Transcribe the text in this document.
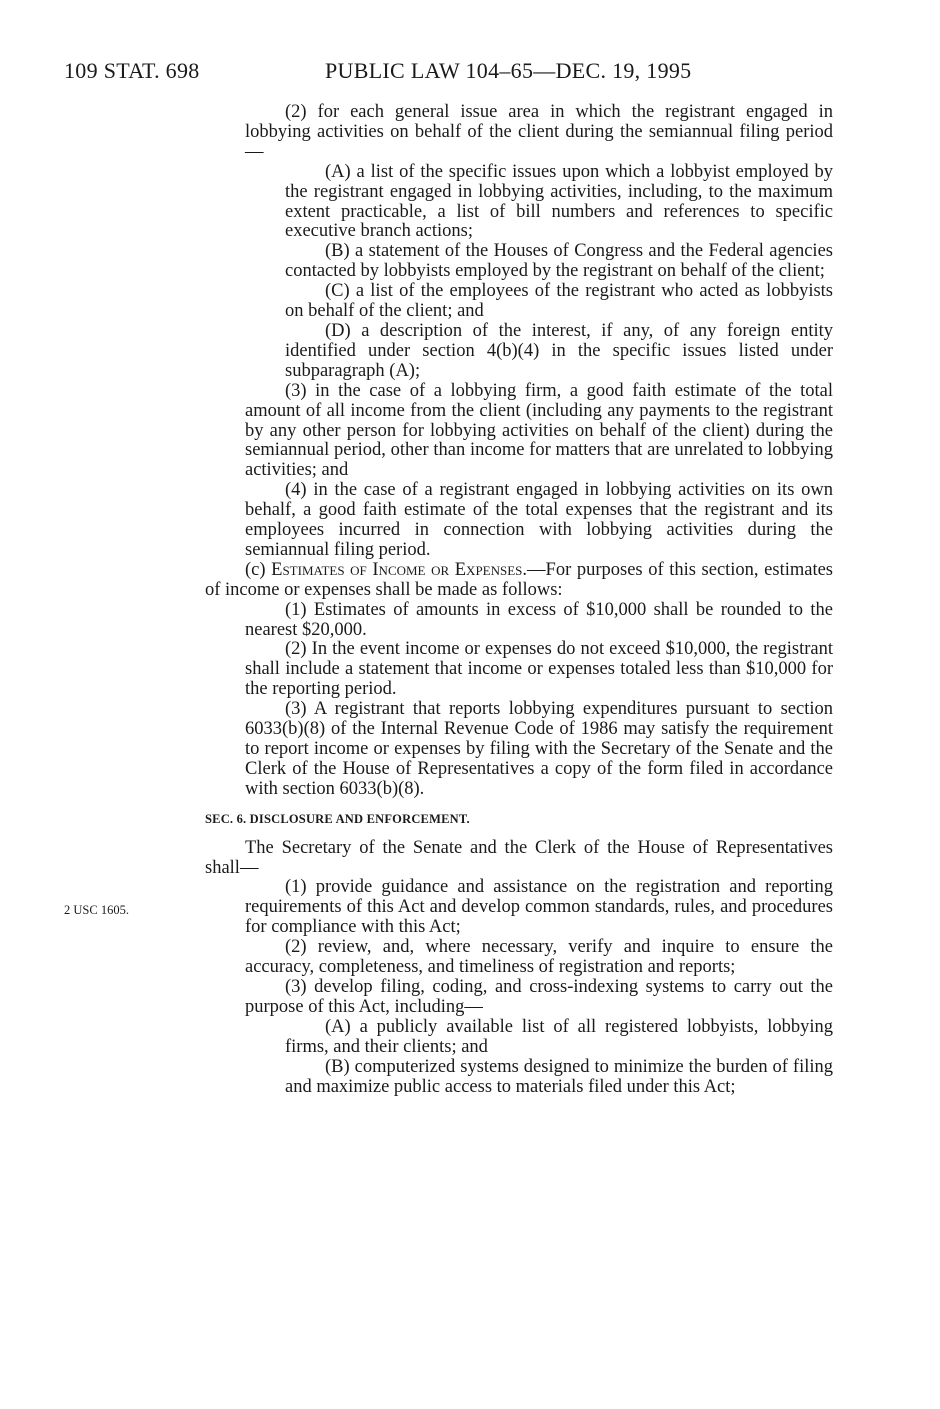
109 STAT. 698	PUBLIC LAW 104–65—DEC. 19, 1995
2 USC 1605.

(2) for each general issue area in which the registrant engaged in lobbying activities on behalf of the client during the semiannual filing period—

(A) a list of the specific issues upon which a lobbyist employed by the registrant engaged in lobbying activities, including, to the maximum extent practicable, a list of bill numbers and references to specific executive branch actions;

(B) a statement of the Houses of Congress and the Federal agencies contacted by lobbyists employed by the registrant on behalf of the client;

(C) a list of the employees of the registrant who acted as lobbyists on behalf of the client; and

(D) a description of the interest, if any, of any foreign entity identified under section 4(b)(4) in the specific issues listed under subparagraph (A);

(3) in the case of a lobbying firm, a good faith estimate of the total amount of all income from the client (including any payments to the registrant by any other person for lobbying activities on behalf of the client) during the semiannual period, other than income for matters that are unrelated to lobbying activities; and

(4) in the case of a registrant engaged in lobbying activities on its own behalf, a good faith estimate of the total expenses that the registrant and its employees incurred in connection with lobbying activities during the semiannual filing period.

(c) Estimates of Income or Expenses.—For purposes of this section, estimates of income or expenses shall be made as follows:

(1) Estimates of amounts in excess of $10,000 shall be rounded to the nearest $20,000.

(2) In the event income or expenses do not exceed $10,000, the registrant shall include a statement that income or expenses totaled less than $10,000 for the reporting period.

(3) A registrant that reports lobbying expenditures pursuant to section 6033(b)(8) of the Internal Revenue Code of 1986 may satisfy the requirement to report income or expenses by filing with the Secretary of the Senate and the Clerk of the House of Representatives a copy of the form filed in accordance with section 6033(b)(8).

SEC. 6. DISCLOSURE AND ENFORCEMENT.

The Secretary of the Senate and the Clerk of the House of Representatives shall—

(1) provide guidance and assistance on the registration and reporting requirements of this Act and develop common standards, rules, and procedures for compliance with this Act;

(2) review, and, where necessary, verify and inquire to ensure the accuracy, completeness, and timeliness of registration and reports;

(3) develop filing, coding, and cross-indexing systems to carry out the purpose of this Act, including—

(A) a publicly available list of all registered lobbyists, lobbying firms, and their clients; and

(B) computerized systems designed to minimize the burden of filing and maximize public access to materials filed under this Act;
